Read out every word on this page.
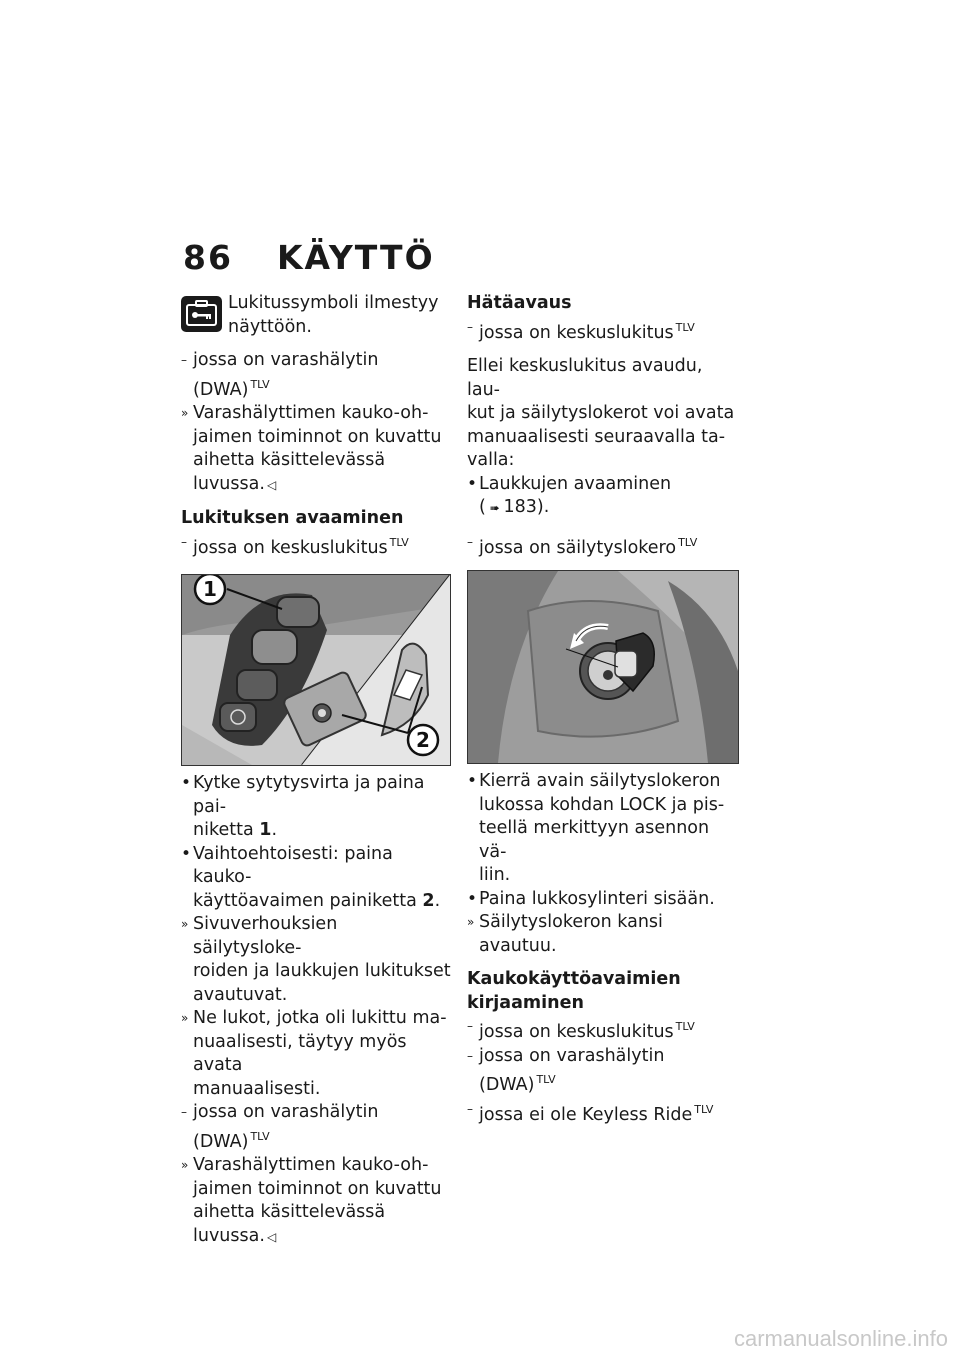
86 KÄYTTÖ
Lukitussymboli ilmestyy
näyttöön.
– jossa on varashälytin
(DWA) $^{TLV}$
» Varashälyttimen kauko-oh-
jaimen toiminnot on kuvattu
aihetta käsittelevässä luvussa. ◁
Lukituksen avaaminen
– jossa on keskuslukitus $^{TLV}$
1
2
• Kytke sytytysvirta ja paina pai-
niketta 1.
• Vaihtoehtoisesti: paina kauko-
käyttöavaimen painiketta 2.
» Sivuverhouksien säilytysloke-
roiden ja laukkujen lukitukset
avautuvat.
» Ne lukot, jotka oli lukittu ma-
nuaalisesti, täytyy myös avata
manuaalisesti.
– jossa on varashälytin
(DWA) $^{TLV}$
» Varashälyttimen kauko-oh-
jaimen toiminnot on kuvattu
aihetta käsittelevässä luvussa. ◁
Hätäavaus
– jossa on keskuslukitus $^{TLV}$
Ellei keskuslukitus avaudu, lau-
kut ja säilytyslokerot voi avata
manuaalisesti seuraavalla ta-
valla:
• Laukkujen avaaminen
( ➠ 183).
– jossa on säilytyslokero $^{TLV}$
• Kierrä avain säilytyslokeron
lukossa kohdan LOCK ja pis-
teellä merkittyyn asennon vä-
liin.
• Paina lukkosylinteri sisään.
» Säilytyslokeron kansi avautuu.
Kaukokäyttöavaimien
kirjaaminen
– jossa on keskuslukitus $^{TLV}$
– jossa on varashälytin
(DWA) $^{TLV}$
– jossa ei ole Keyless Ride $^{TLV}$
carmanualsonline.info
